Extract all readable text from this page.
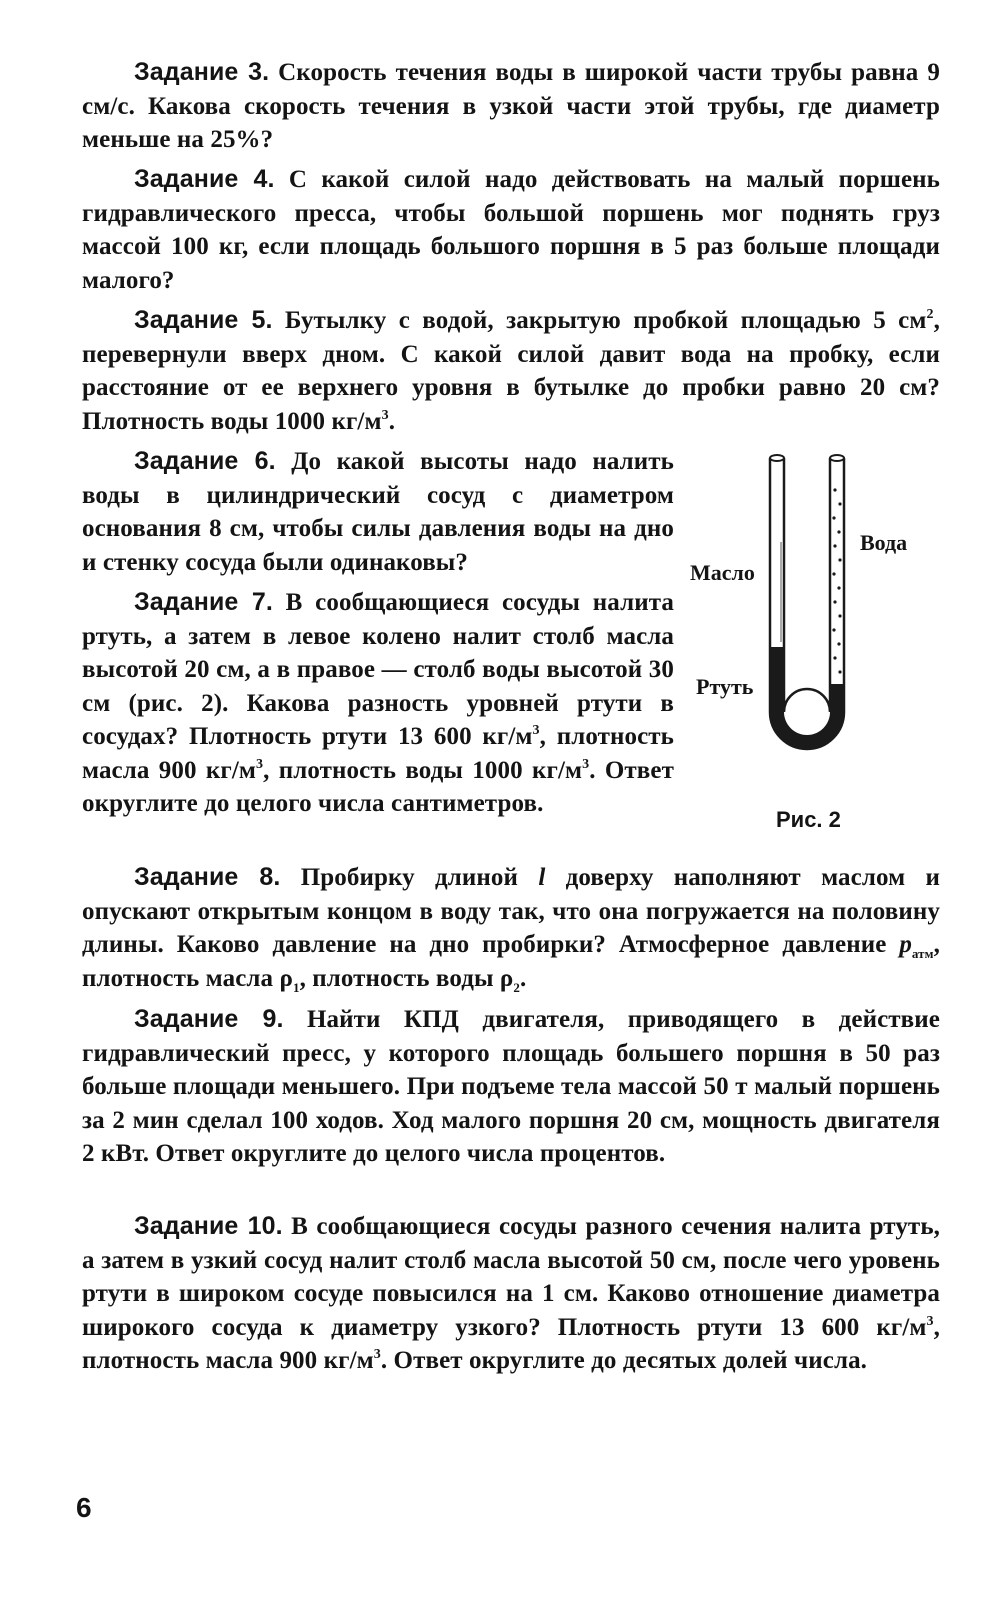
Задание 3. Скорость течения воды в широкой части трубы равна 9 см/с. Какова скорость течения в узкой части этой трубы, где диаметр меньше на 25%?

Задание 4. С какой силой надо действовать на малый поршень гидравлического пресса, чтобы большой поршень мог поднять груз массой 100 кг, если площадь большого поршня в 5 раз больше площади малого?

Задание 5. Бутылку с водой, закрытую пробкой площадью 5 $см^2$, перевернули вверх дном. С какой силой давит вода на пробку, если расстояние от ее верхнего уровня в бутылке до пробки равно 20 см? Плотность воды 1000 $кг/м^3$.

Задание 6. До какой высоты надо налить воды в цилиндрический сосуд с диаметром основания 8 см, чтобы силы давления воды на дно и стенку сосуда были одинаковы?

Задание 7. В сообщающиеся сосуды налита ртуть, а затем в левое колено налит столб масла высотой 20 см, а в правое — столб воды высотой 30 см (рис. 2). Какова разность уровней ртути в сосудах? Плотность ртути 13 600 $кг/м^3$, плотность масла 900 $кг/м^3$, плотность воды 1000 $кг/м^3$. Ответ округлите до целого числа сантиметров.

Задание 8. Пробирку длиной l доверху наполняют маслом и опускают открытым концом в воду так, что она погружается на половину длины. Каково давление на дно пробирки? Атмосферное давление $p_{атм}$, плотность масла $\rho_1$, плотность воды $\rho_2$.

Задание 9. Найти КПД двигателя, приводящего в действие гидравлический пресс, у которого площадь большего поршня в 50 раз больше площади меньшего. При подъеме тела массой 50 т малый поршень за 2 мин сделал 100 ходов. Ход малого поршня 20 см, мощность двигателя 2 кВт. Ответ округлите до целого числа процентов.

Задание 10. В сообщающиеся сосуды разного сечения налита ртуть, а затем в узкий сосуд налит столб масла высотой 50 см, после чего уровень ртути в широком сосуде повысился на 1 см. Каково отношение диаметра широкого сосуда к диаметру узкого? Плотность ртути 13 600 $кг/м^3$, плотность масла 900 $кг/м^3$. Ответ округлите до десятых долей числа.

Масло
Вода
Ртуть
Рис. 2
6
